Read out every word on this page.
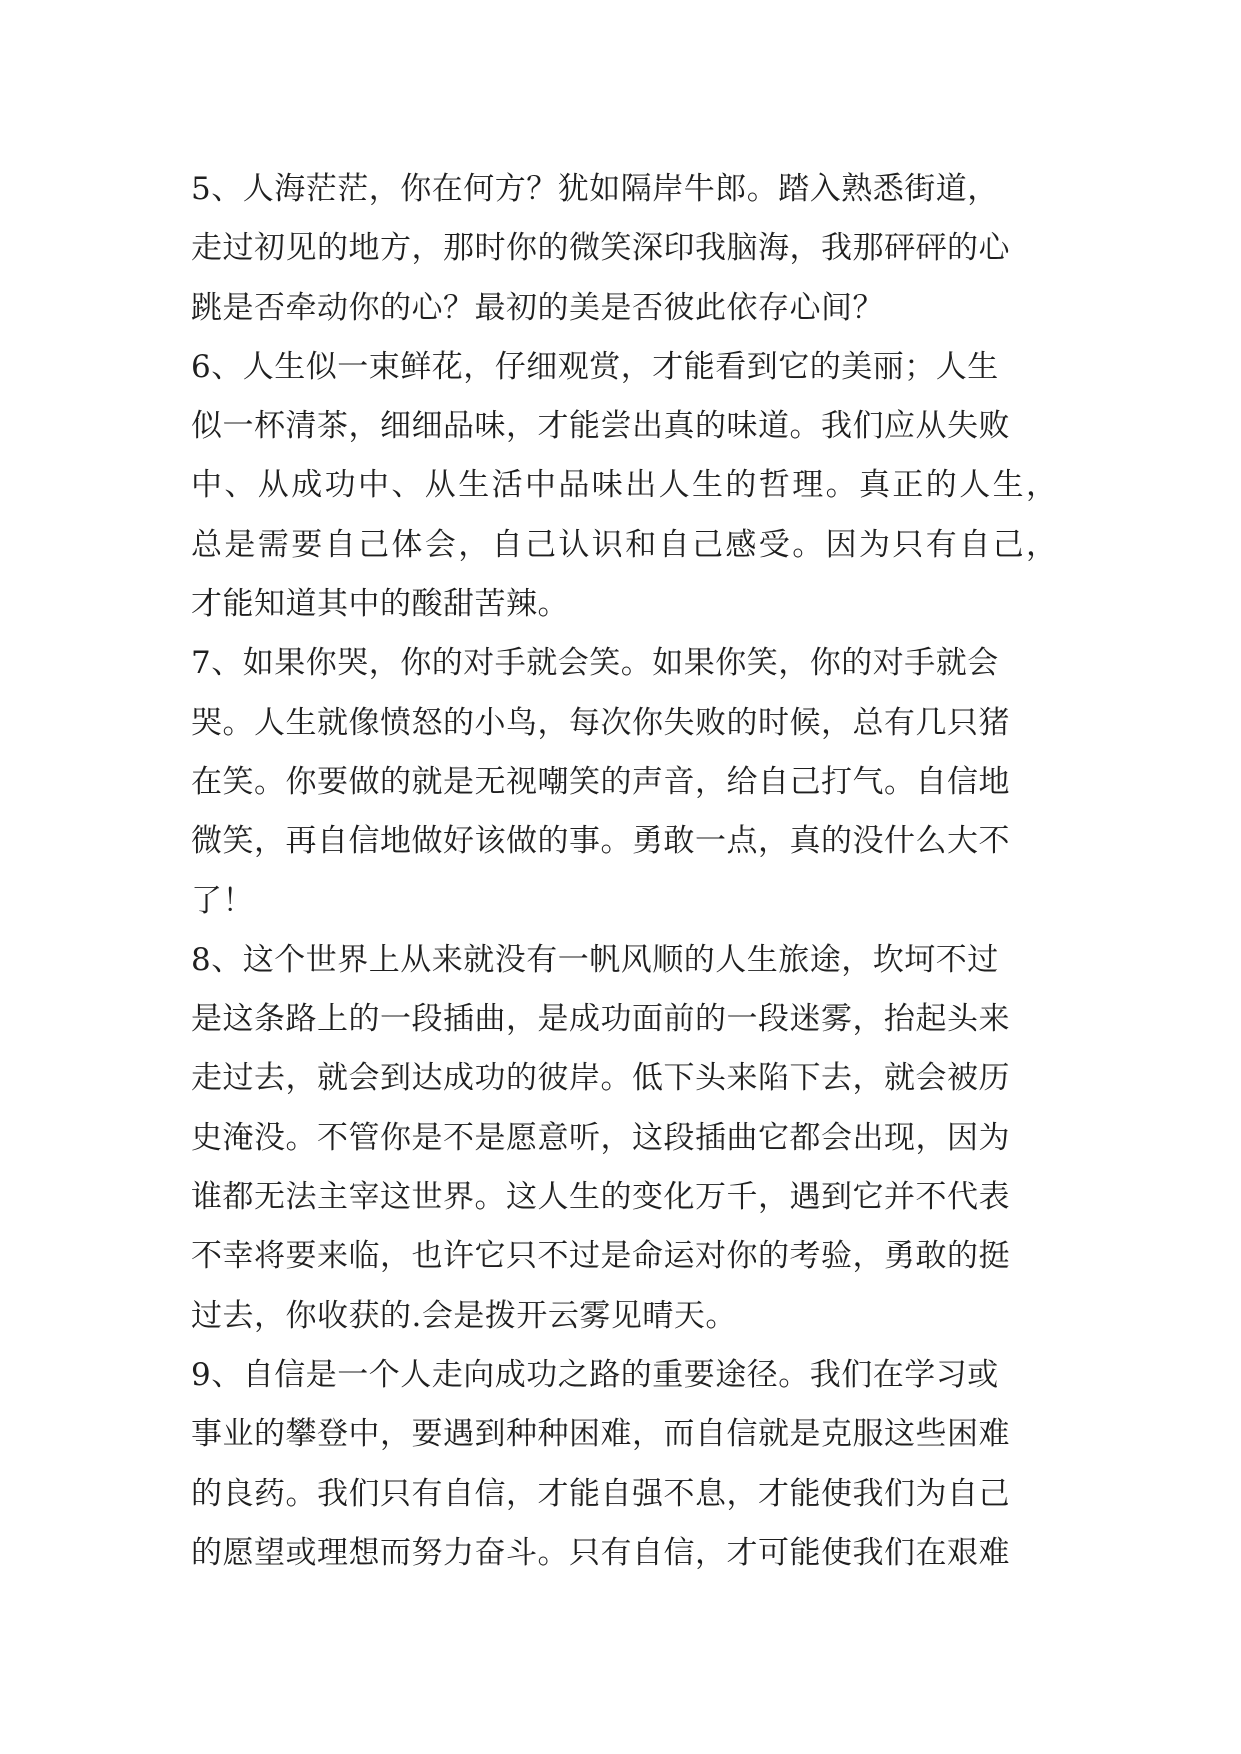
5、人海茫茫，你在何方？犹如隔岸牛郎。踏入熟悉街道，
走过初见的地方，那时你的微笑深印我脑海，我那砰砰的心
跳是否牵动你的心？最初的美是否彼此依存心间？
6、人生似一束鲜花，仔细观赏，才能看到它的美丽；人生
似一杯清茶，细细品味，才能尝出真的味道。我们应从失败
中、从成功中、从生活中品味出人生的哲理。真正的人生，
总是需要自己体会，自己认识和自己感受。因为只有自己，
才能知道其中的酸甜苦辣。
7、如果你哭，你的对手就会笑。如果你笑，你的对手就会
哭。人生就像愤怒的小鸟，每次你失败的时候，总有几只猪
在笑。你要做的就是无视嘲笑的声音，给自己打气。自信地
微笑，再自信地做好该做的事。勇敢一点，真的没什么大不
了！
8、这个世界上从来就没有一帆风顺的人生旅途，坎坷不过
是这条路上的一段插曲，是成功面前的一段迷雾，抬起头来
走过去，就会到达成功的彼岸。低下头来陷下去，就会被历
史淹没。不管你是不是愿意听，这段插曲它都会出现，因为
谁都无法主宰这世界。这人生的变化万千，遇到它并不代表
不幸将要来临，也许它只不过是命运对你的考验，勇敢的挺
过去，你收获的.会是拨开云雾见晴天。
9、自信是一个人走向成功之路的重要途径。我们在学习或
事业的攀登中，要遇到种种困难，而自信就是克服这些困难
的良药。我们只有自信，才能自强不息，才能使我们为自己
的愿望或理想而努力奋斗。只有自信，才可能使我们在艰难
